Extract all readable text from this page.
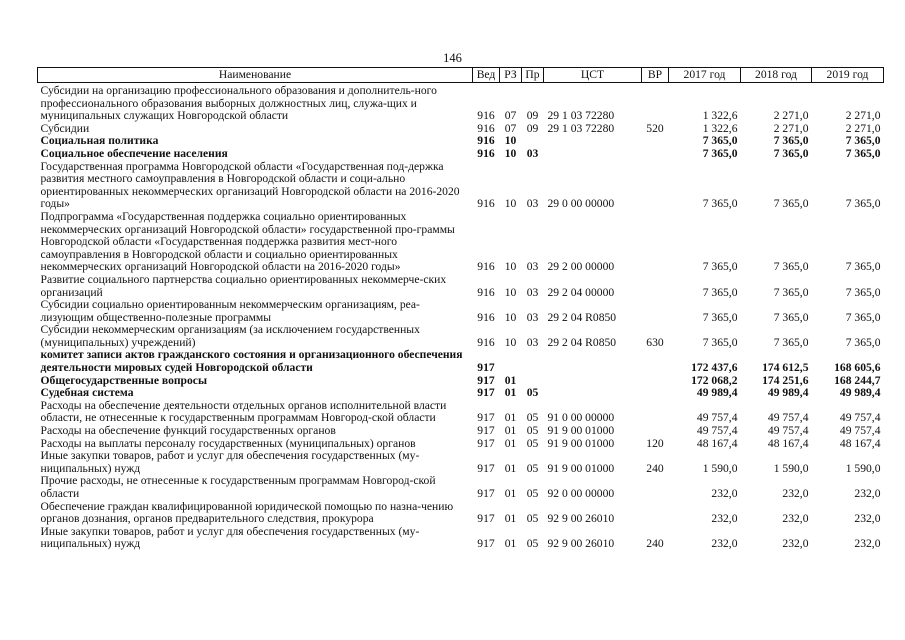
146
Наименование	Вед	РЗ	Пр	ЦСТ	ВР	2017 год	2018 год	2019 год
Субсидии на организацию профессионального образования и дополнитель-ного профессионального образования выборных должностных лиц, служа-щих и муниципальных служащих Новгородской области	916	07	09	29 1 03 72280		1 322,6	2 271,0	2 271,0
Субсидии	916	07	09	29 1 03 72280	520	1 322,6	2 271,0	2 271,0
Социальная политика	916	10				7 365,0	7 365,0	7 365,0
Социальное обеспечение населения	916	10	03			7 365,0	7 365,0	7 365,0
Государственная программа Новгородской области «Государственная под-держка развития местного самоуправления в Новгородской области и соци-ально ориентированных некоммерческих организаций Новгородской области на 2016-2020 годы»	916	10	03	29 0 00 00000		7 365,0	7 365,0	7 365,0
Подпрограмма «Государственная поддержка социально ориентированных некоммерческих организаций Новгородской области» государственной про-граммы Новгородской области «Государственная поддержка развития мест-ного самоуправления в Новгородской области и социально ориентированных некоммерческих организаций Новгородской области на 2016-2020 годы»	916	10	03	29 2 00 00000		7 365,0	7 365,0	7 365,0
Развитие социального партнерства социально ориентированных некоммерче-ских организаций	916	10	03	29 2 04 00000		7 365,0	7 365,0	7 365,0
Субсидии социально ориентированным некоммерческим организациям, реа-лизующим общественно-полезные программы	916	10	03	29 2 04 R0850		7 365,0	7 365,0	7 365,0
Субсидии некоммерческим организациям (за исключением государственных (муниципальных) учреждений)	916	10	03	29 2 04 R0850	630	7 365,0	7 365,0	7 365,0
комитет записи актов гражданского состояния и организационного обеспечения деятельности мировых судей Новгородской области	917					172 437,6	174 612,5	168 605,6
Общегосударственные вопросы	917	01				172 068,2	174 251,6	168 244,7
Судебная система	917	01	05			49 989,4	49 989,4	49 989,4
Расходы на обеспечение деятельности отдельных органов исполнительной власти области, не отнесенные к государственным программам Новгород-ской области	917	01	05	91 0 00 00000		49 757,4	49 757,4	49 757,4
Расходы на обеспечение функций государственных органов	917	01	05	91 9 00 01000		49 757,4	49 757,4	49 757,4
Расходы на выплаты персоналу государственных (муниципальных) органов	917	01	05	91 9 00 01000	120	48 167,4	48 167,4	48 167,4
Иные закупки товаров, работ и услуг для обеспечения государственных (му-ниципальных) нужд	917	01	05	91 9 00 01000	240	1 590,0	1 590,0	1 590,0
Прочие расходы, не отнесенные к государственным программам Новгород-ской области	917	01	05	92 0 00 00000		232,0	232,0	232,0
Обеспечение граждан квалифицированной юридической помощью по назна-чению органов дознания, органов предварительного следствия, прокурора	917	01	05	92 9 00 26010		232,0	232,0	232,0
Иные закупки товаров, работ и услуг для обеспечения государственных (му-ниципальных) нужд	917	01	05	92 9 00 26010	240	232,0	232,0	232,0
